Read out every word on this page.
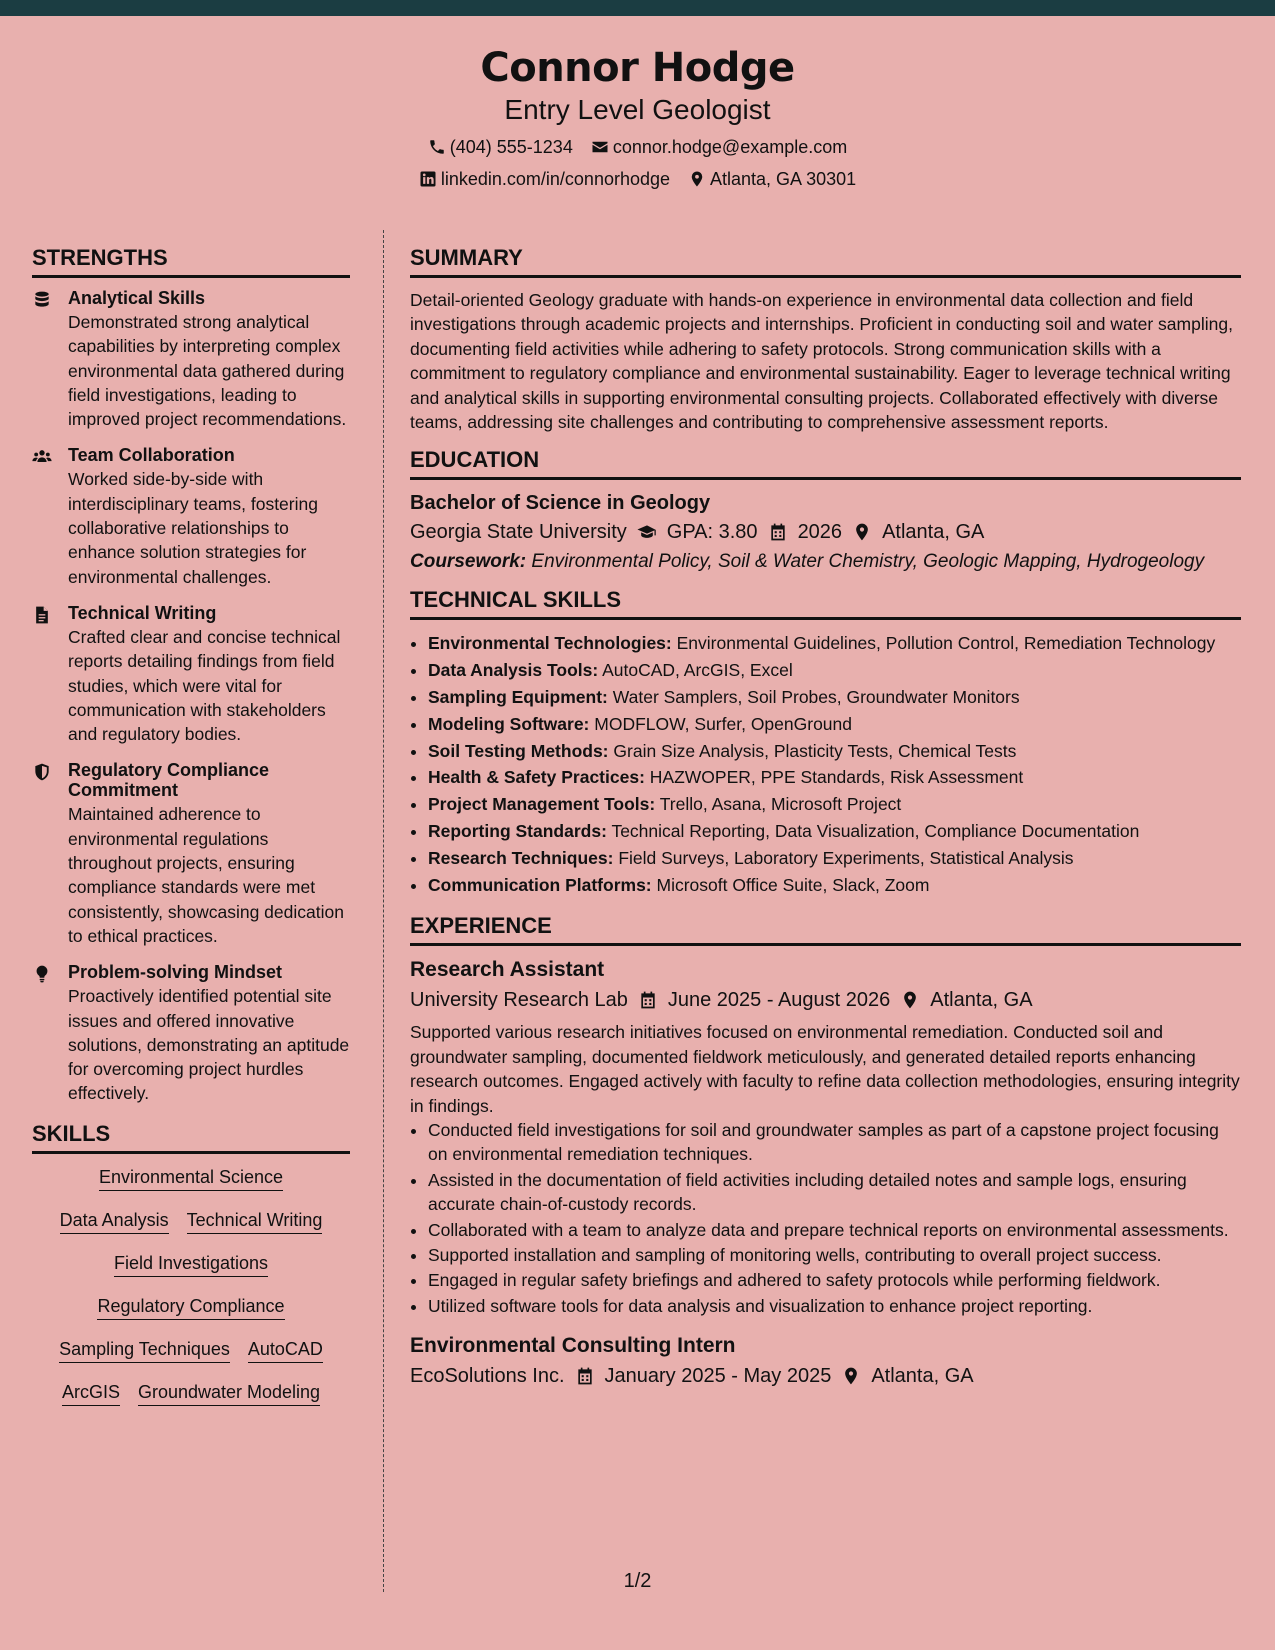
Connor Hodge
Entry Level Geologist
(404) 555-1234 connor.hodge@example.com
linkedin.com/in/connorhodge Atlanta, GA 30301
STRENGTHS
Analytical Skills
Demonstrated strong analytical capabilities by interpreting complex environmental data gathered during field investigations, leading to improved project recommendations.
Team Collaboration
Worked side-by-side with interdisciplinary teams, fostering collaborative relationships to enhance solution strategies for environmental challenges.
Technical Writing
Crafted clear and concise technical reports detailing findings from field studies, which were vital for communication with stakeholders and regulatory bodies.
Regulatory Compliance Commitment
Maintained adherence to environmental regulations throughout projects, ensuring compliance standards were met consistently, showcasing dedication to ethical practices.
Problem-solving Mindset
Proactively identified potential site issues and offered innovative solutions, demonstrating an aptitude for overcoming project hurdles effectively.
SKILLS
Environmental Science
Data Analysis Technical Writing
Field Investigations
Regulatory Compliance
Sampling Techniques AutoCAD
ArcGIS Groundwater Modeling
SUMMARY
Detail-oriented Geology graduate with hands-on experience in environmental data collection and field investigations through academic projects and internships. Proficient in conducting soil and water sampling, documenting field activities while adhering to safety protocols. Strong communication skills with a commitment to regulatory compliance and environmental sustainability. Eager to leverage technical writing and analytical skills in supporting environmental consulting projects. Collaborated effectively with diverse teams, addressing site challenges and contributing to comprehensive assessment reports.
EDUCATION
Bachelor of Science in Geology
Georgia State University GPA: 3.80 2026 Atlanta, GA
Coursework: Environmental Policy, Soil & Water Chemistry, Geologic Mapping, Hydrogeology
TECHNICAL SKILLS
• Environmental Technologies: Environmental Guidelines, Pollution Control, Remediation Technology
• Data Analysis Tools: AutoCAD, ArcGIS, Excel
• Sampling Equipment: Water Samplers, Soil Probes, Groundwater Monitors
• Modeling Software: MODFLOW, Surfer, OpenGround
• Soil Testing Methods: Grain Size Analysis, Plasticity Tests, Chemical Tests
• Health & Safety Practices: HAZWOPER, PPE Standards, Risk Assessment
• Project Management Tools: Trello, Asana, Microsoft Project
• Reporting Standards: Technical Reporting, Data Visualization, Compliance Documentation
• Research Techniques: Field Surveys, Laboratory Experiments, Statistical Analysis
• Communication Platforms: Microsoft Office Suite, Slack, Zoom
EXPERIENCE
Research Assistant
University Research Lab June 2025 - August 2026 Atlanta, GA
Supported various research initiatives focused on environmental remediation. Conducted soil and groundwater sampling, documented fieldwork meticulously, and generated detailed reports enhancing research outcomes. Engaged actively with faculty to refine data collection methodologies, ensuring integrity in findings.
• Conducted field investigations for soil and groundwater samples as part of a capstone project focusing on environmental remediation techniques.
• Assisted in the documentation of field activities including detailed notes and sample logs, ensuring accurate chain-of-custody records.
• Collaborated with a team to analyze data and prepare technical reports on environmental assessments.
• Supported installation and sampling of monitoring wells, contributing to overall project success.
• Engaged in regular safety briefings and adhered to safety protocols while performing fieldwork.
• Utilized software tools for data analysis and visualization to enhance project reporting.
Environmental Consulting Intern
EcoSolutions Inc. January 2025 - May 2025 Atlanta, GA
1/2
